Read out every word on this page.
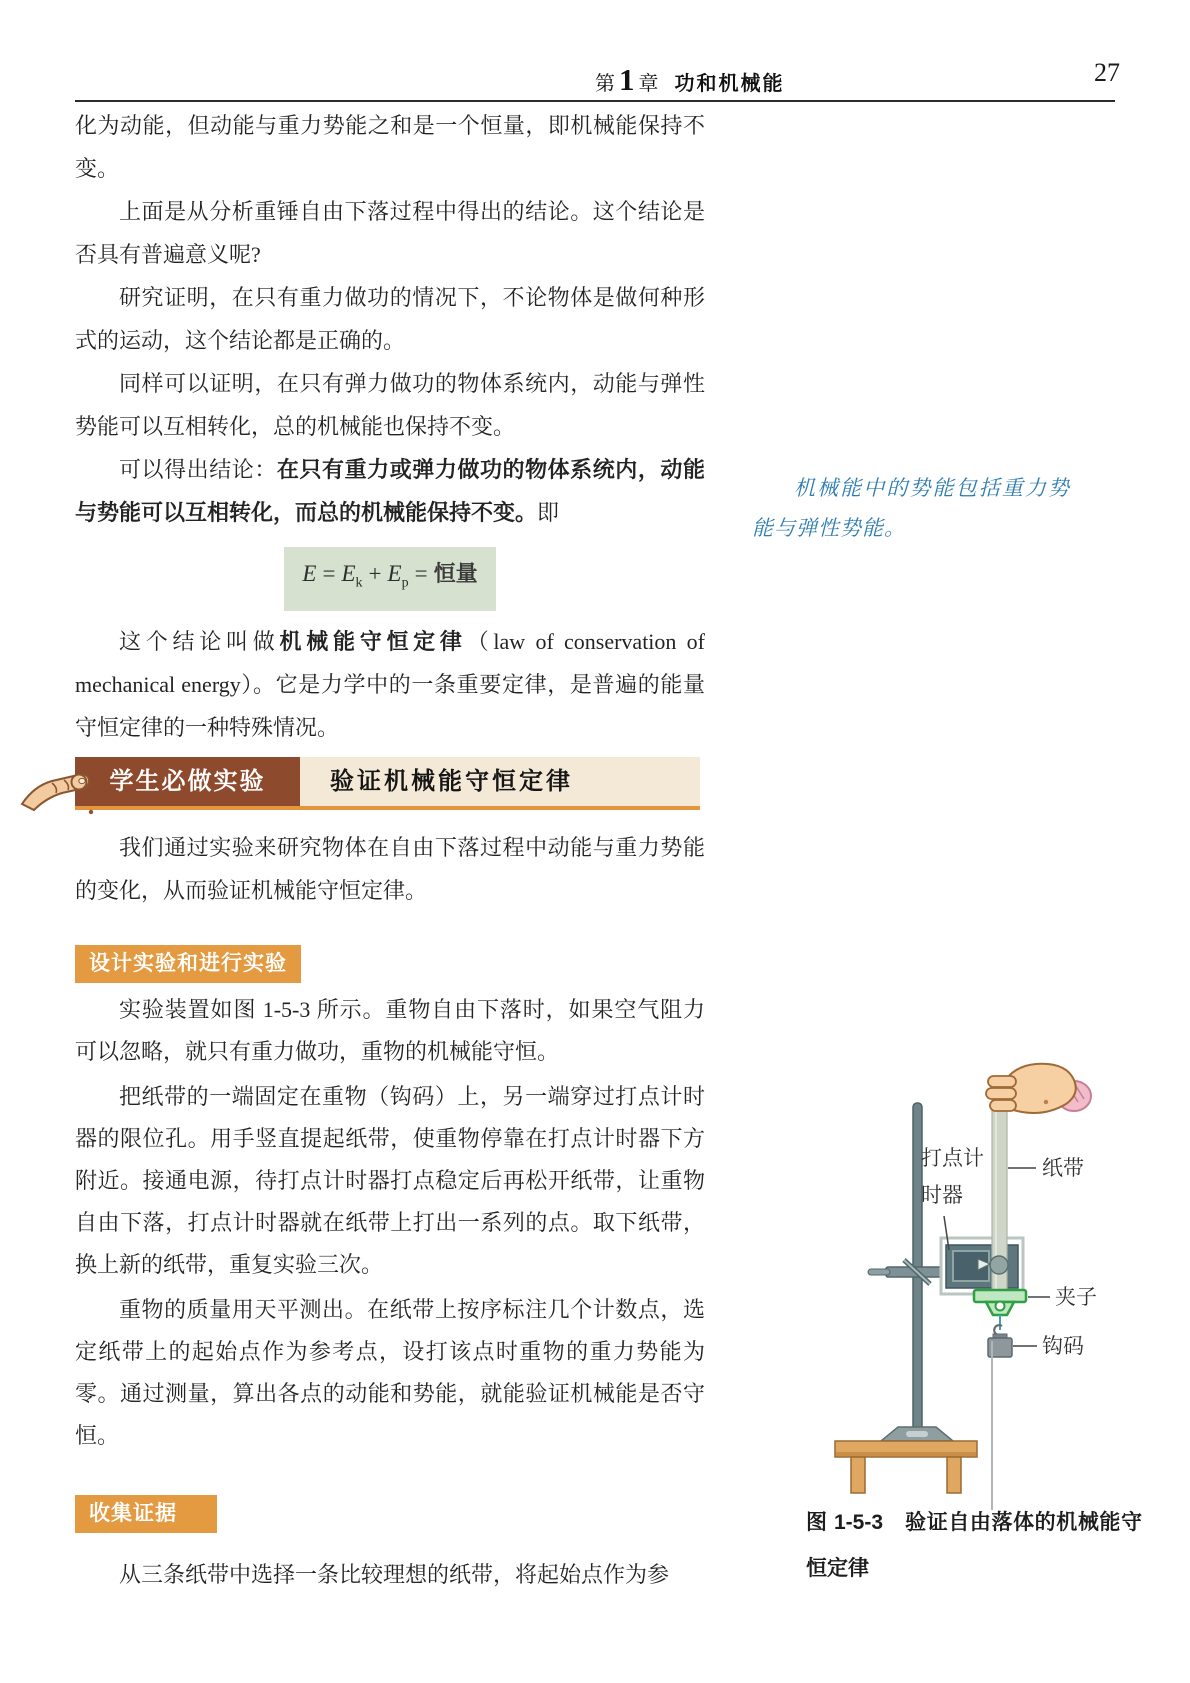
第 1 章 功和机械能	27

化为动能，但动能与重力势能之和是一个恒量，即机械能保持不变。

上面是从分析重锤自由下落过程中得出的结论。这个结论是否具有普遍意义呢?

研究证明，在只有重力做功的情况下，不论物体是做何种形式的运动，这个结论都是正确的。

同样可以证明，在只有弹力做功的物体系统内，动能与弹性势能可以互相转化，总的机械能也保持不变。

可以得出结论：在只有重力或弹力做功的物体系统内，动能与势能可以互相转化，而总的机械能保持不变。即

$E = E_k + E_p$ = 恒量

这个结论叫做机械能守恒定律（law of conservation of mechanical energy）。它是力学中的一条重要定律，是普遍的能量守恒定律的一种特殊情况。

机械能中的势能包括重力势能与弹性势能。
学生必做实验	验证机械能守恒定律

我们通过实验来研究物体在自由下落过程中动能与重力势能的变化，从而验证机械能守恒定律。

设计实验和进行实验

实验装置如图 1-5-3 所示。重物自由下落时，如果空气阻力可以忽略，就只有重力做功，重物的机械能守恒。

把纸带的一端固定在重物（钩码）上，另一端穿过打点计时器的限位孔。用手竖直提起纸带，使重物停靠在打点计时器下方附近。接通电源，待打点计时器打点稳定后再松开纸带，让重物自由下落，打点计时器就在纸带上打出一系列的点。取下纸带，换上新的纸带，重复实验三次。

重物的质量用天平测出。在纸带上按序标注几个计数点，选定纸带上的起始点作为参考点，设打该点时重物的重力势能为零。通过测量，算出各点的动能和势能，就能验证机械能是否守恒。

收集证据

从三条纸带中选择一条比较理想的纸带，将起始点作为参

打点计
时器
纸带
夹子
钩码
图 1-5-3　验证自由落体的机械能守恒定律
